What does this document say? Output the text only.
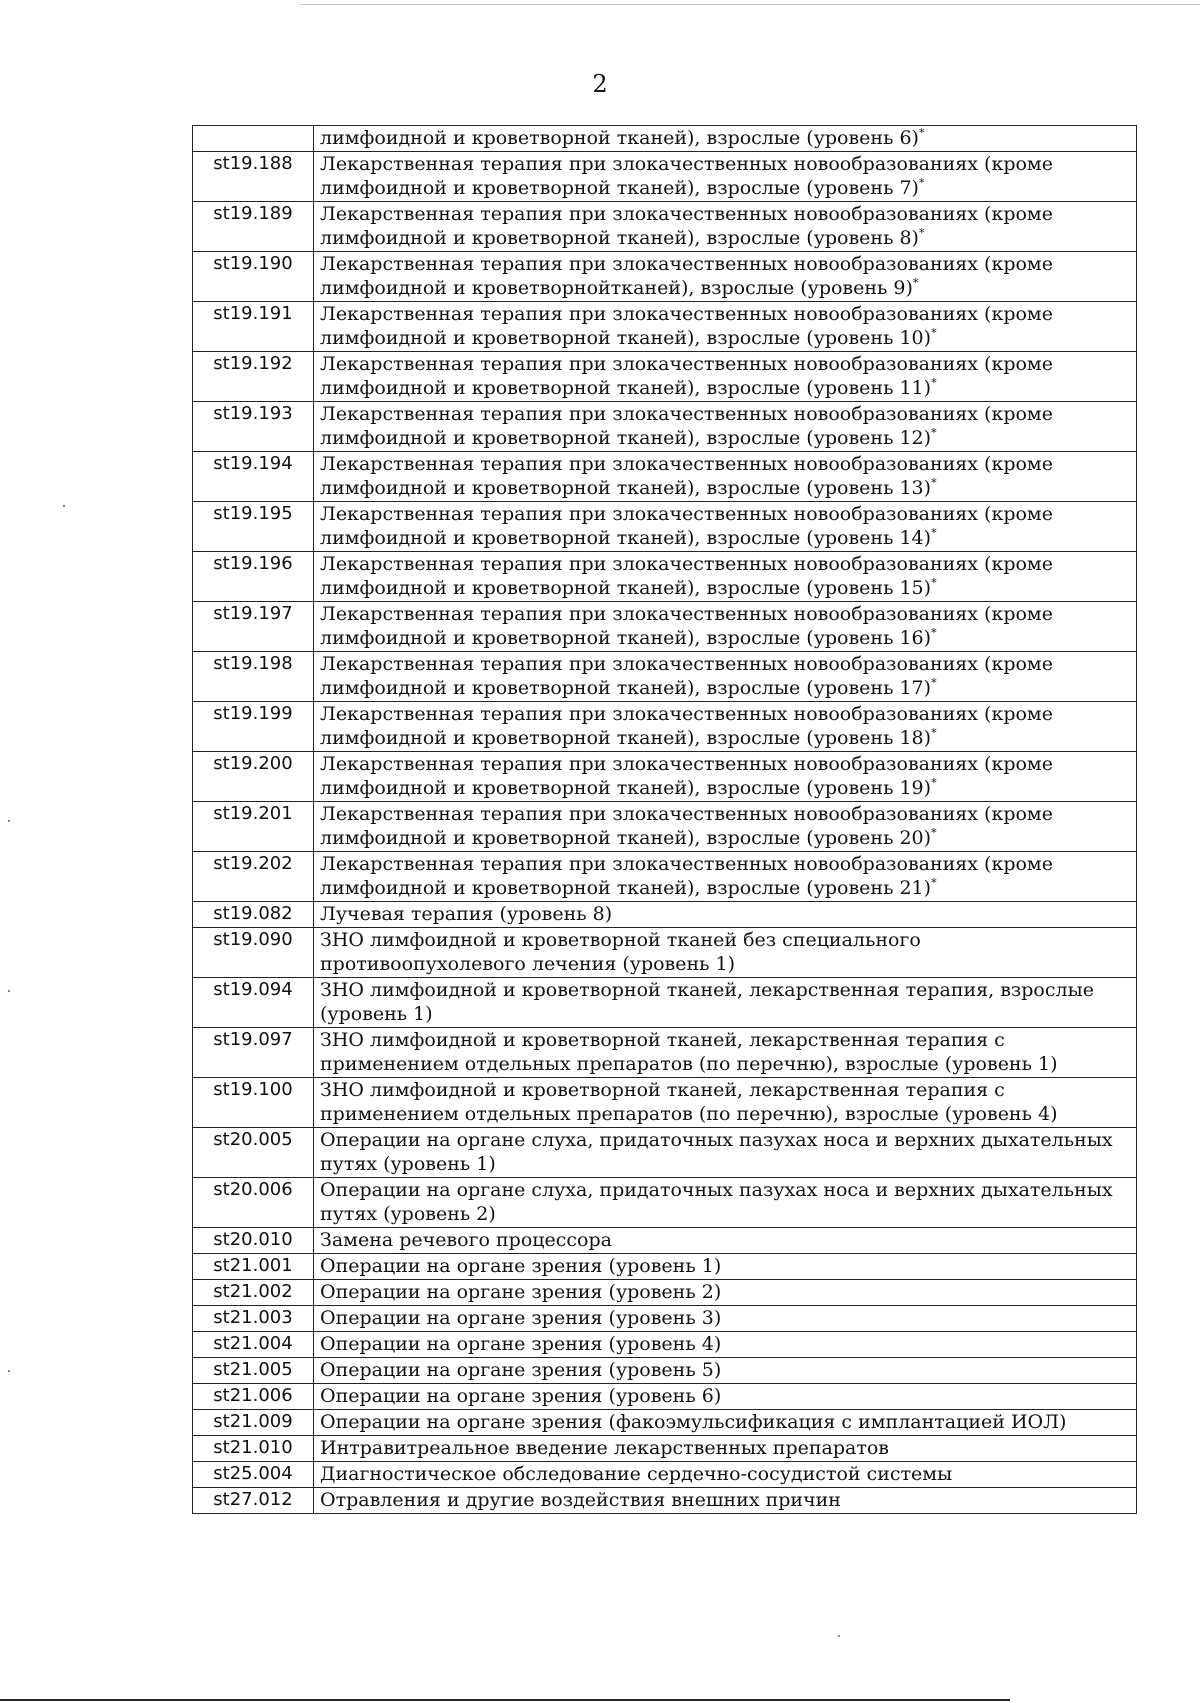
2
	лимфоидной и кроветворной тканей), взрослые (уровень 6)*
st19.188	Лекарственная терапия при злокачественных новообразованиях (кроме лимфоидной и кроветворной тканей), взрослые (уровень 7)*
st19.189	Лекарственная терапия при злокачественных новообразованиях (кроме лимфоидной и кроветворной тканей), взрослые (уровень 8)*
st19.190	Лекарственная терапия при злокачественных новообразованиях (кроме лимфоидной и кроветворнойтканей), взрослые (уровень 9)*
st19.191	Лекарственная терапия при злокачественных новообразованиях (кроме лимфоидной и кроветворной тканей), взрослые (уровень 10)*
st19.192	Лекарственная терапия при злокачественных новообразованиях (кроме лимфоидной и кроветворной тканей), взрослые (уровень 11)*
st19.193	Лекарственная терапия при злокачественных новообразованиях (кроме лимфоидной и кроветворной тканей), взрослые (уровень 12)*
st19.194	Лекарственная терапия при злокачественных новообразованиях (кроме лимфоидной и кроветворной тканей), взрослые (уровень 13)*
st19.195	Лекарственная терапия при злокачественных новообразованиях (кроме лимфоидной и кроветворной тканей), взрослые (уровень 14)*
st19.196	Лекарственная терапия при злокачественных новообразованиях (кроме лимфоидной и кроветворной тканей), взрослые (уровень 15)*
st19.197	Лекарственная терапия при злокачественных новообразованиях (кроме лимфоидной и кроветворной тканей), взрослые (уровень 16)*
st19.198	Лекарственная терапия при злокачественных новообразованиях (кроме лимфоидной и кроветворной тканей), взрослые (уровень 17)*
st19.199	Лекарственная терапия при злокачественных новообразованиях (кроме лимфоидной и кроветворной тканей), взрослые (уровень 18)*
st19.200	Лекарственная терапия при злокачественных новообразованиях (кроме лимфоидной и кроветворной тканей), взрослые (уровень 19)*
st19.201	Лекарственная терапия при злокачественных новообразованиях (кроме лимфоидной и кроветворной тканей), взрослые (уровень 20)*
st19.202	Лекарственная терапия при злокачественных новообразованиях (кроме лимфоидной и кроветворной тканей), взрослые (уровень 21)*
st19.082	Лучевая терапия (уровень 8)
st19.090	ЗНО лимфоидной и кроветворной тканей без специального противоопухолевого лечения (уровень 1)
st19.094	ЗНО лимфоидной и кроветворной тканей, лекарственная терапия, взрослые (уровень 1)
st19.097	ЗНО лимфоидной и кроветворной тканей, лекарственная терапия с применением отдельных препаратов (по перечню), взрослые (уровень 1)
st19.100	ЗНО лимфоидной и кроветворной тканей, лекарственная терапия с применением отдельных препаратов (по перечню), взрослые (уровень 4)
st20.005	Операции на органе слуха, придаточных пазухах носа и верхних дыхательных путях (уровень 1)
st20.006	Операции на органе слуха, придаточных пазухах носа и верхних дыхательных путях (уровень 2)
st20.010	Замена речевого процессора
st21.001	Операции на органе зрения (уровень 1)
st21.002	Операции на органе зрения (уровень 2)
st21.003	Операции на органе зрения (уровень 3)
st21.004	Операции на органе зрения (уровень 4)
st21.005	Операции на органе зрения (уровень 5)
st21.006	Операции на органе зрения (уровень 6)
st21.009	Операции на органе зрения (факоэмульсификация с имплантацией ИОЛ)
st21.010	Интравитреальное введение лекарственных препаратов
st25.004	Диагностическое обследование сердечно-сосудистой системы
st27.012	Отравления и другие воздействия внешних причин
